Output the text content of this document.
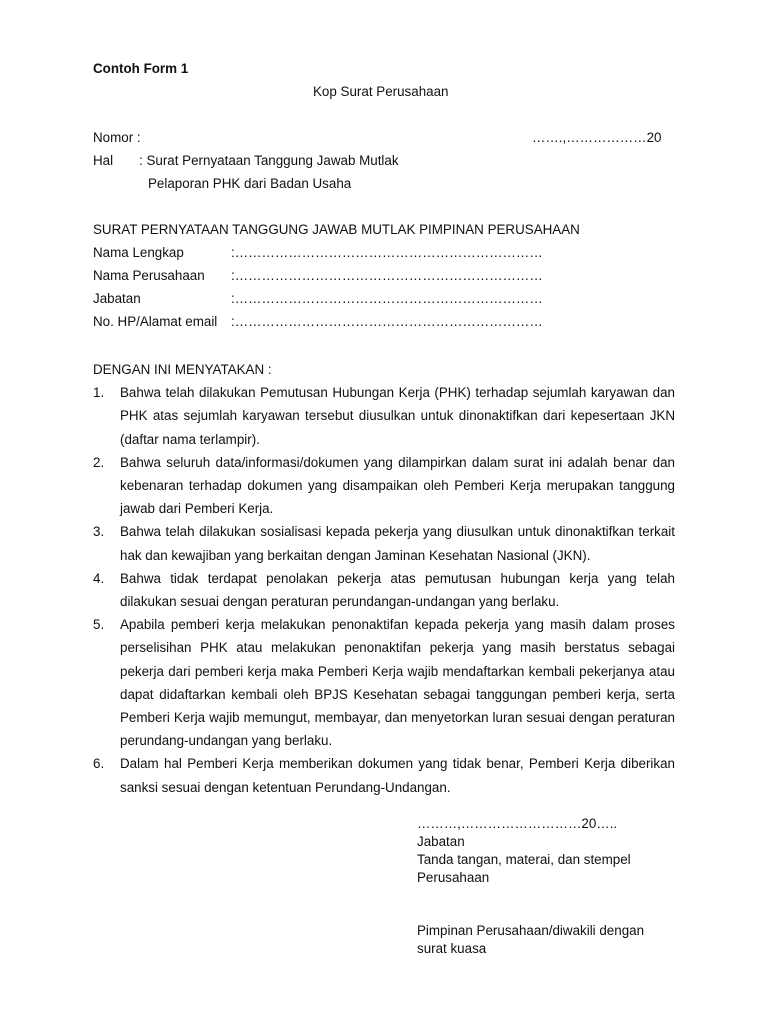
Contoh Form 1
Kop Surat Perusahaan
Nomor :	…….,………………20
Hal : Surat Pernyataan Tanggung Jawab Mutlak
Pelaporan PHK dari Badan Usaha
SURAT PERNYATAAN TANGGUNG JAWAB MUTLAK PIMPINAN PERUSAHAAN
Nama Lengkap	:……………………………………………………………
Nama Perusahaan :……………………………………………………………
Jabatan	:……………………………………………………………
No. HP/Alamat email :……………………………………………………………
DENGAN INI MENYATAKAN :
1. Bahwa telah dilakukan Pemutusan Hubungan Kerja (PHK) terhadap sejumlah karyawan dan PHK atas sejumlah karyawan tersebut diusulkan untuk dinonaktifkan dari kepesertaan JKN (daftar nama terlampir).
2. Bahwa seluruh data/informasi/dokumen yang dilampirkan dalam surat ini adalah benar dan kebenaran terhadap dokumen yang disampaikan oleh Pemberi Kerja merupakan tanggung jawab dari Pemberi Kerja.
3. Bahwa telah dilakukan sosialisasi kepada pekerja yang diusulkan untuk dinonaktifkan terkait hak dan kewajiban yang berkaitan dengan Jaminan Kesehatan Nasional (JKN).
4. Bahwa tidak terdapat penolakan pekerja atas pemutusan hubungan kerja yang telah dilakukan sesuai dengan peraturan perundangan-undangan yang berlaku.
5. Apabila pemberi kerja melakukan penonaktifan kepada pekerja yang masih dalam proses perselisihan PHK atau melakukan penonaktifan pekerja yang masih berstatus sebagai pekerja dari pemberi kerja maka Pemberi Kerja wajib mendaftarkan kembali pekerjanya atau dapat didaftarkan kembali oleh BPJS Kesehatan sebagai tanggungan pemberi kerja, serta Pemberi Kerja wajib memungut, membayar, dan menyetorkan luran sesuai dengan peraturan perundang-undangan yang berlaku.
6. Dalam hal Pemberi Kerja memberikan dokumen yang tidak benar, Pemberi Kerja diberikan sanksi sesuai dengan ketentuan Perundang-Undangan.
………,………………………20…..
Jabatan
Tanda tangan, materai, dan stempel Perusahaan
Pimpinan Perusahaan/diwakili dengan surat kuasa
